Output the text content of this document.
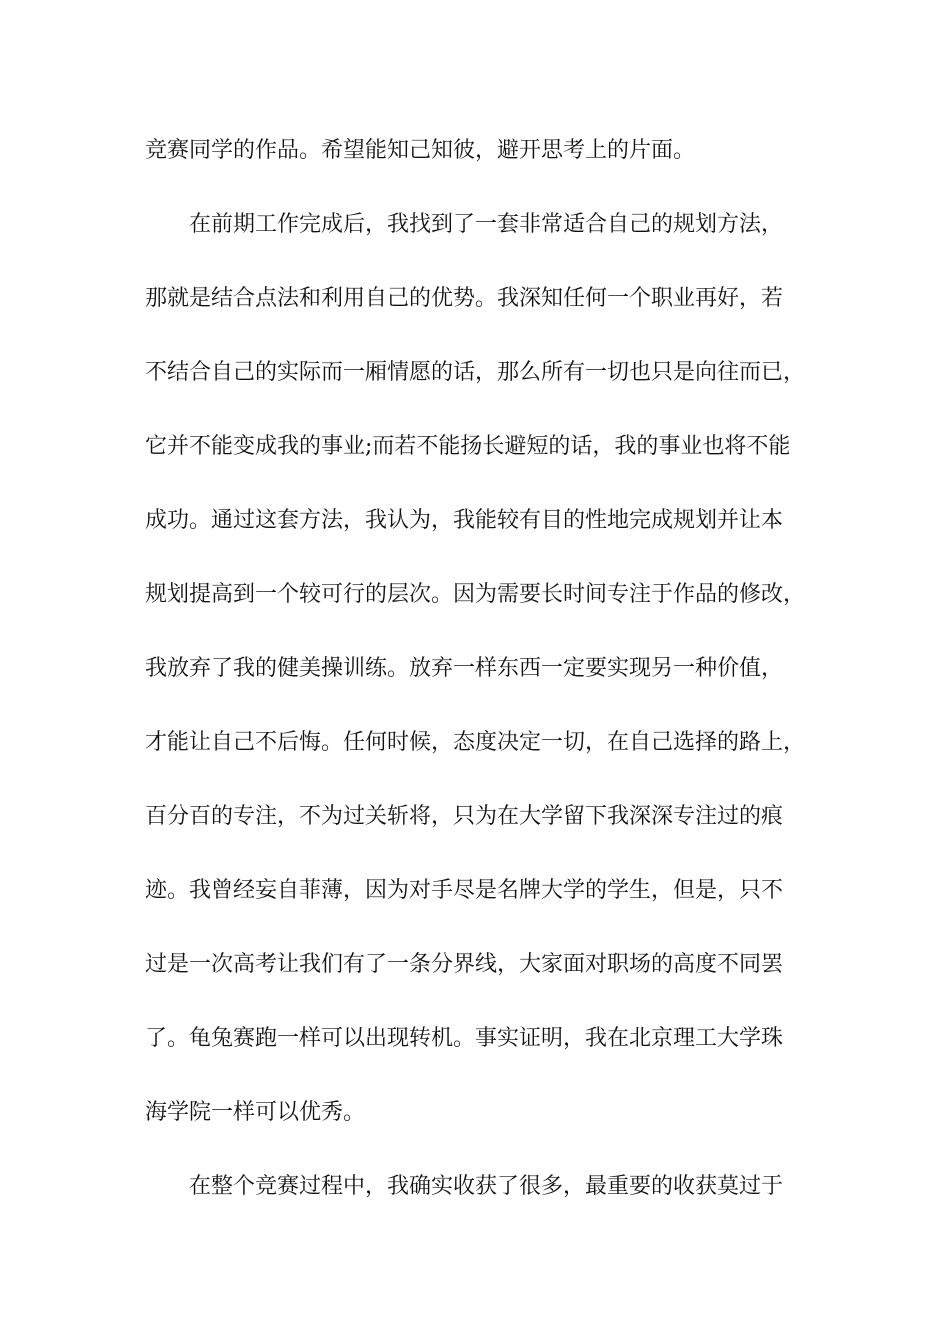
竞赛同学的作品。希望能知己知彼，避开思考上的片面。
在前期工作完成后，我找到了一套非常适合自己的规划方法，
那就是结合点法和利用自己的优势。我深知任何一个职业再好，若
不结合自己的实际而一厢情愿的话，那么所有一切也只是向往而已，
它并不能变成我的事业;而若不能扬长避短的话，我的事业也将不能
成功。通过这套方法，我认为，我能较有目的性地完成规划并让本
规划提高到一个较可行的层次。因为需要长时间专注于作品的修改，
我放弃了我的健美操训练。放弃一样东西一定要实现另一种价值，
才能让自己不后悔。任何时候，态度决定一切，在自己选择的路上，
百分百的专注，不为过关斩将，只为在大学留下我深深专注过的痕
迹。我曾经妄自菲薄，因为对手尽是名牌大学的学生，但是，只不
过是一次高考让我们有了一条分界线，大家面对职场的高度不同罢
了。龟兔赛跑一样可以出现转机。事实证明，我在北京理工大学珠
海学院一样可以优秀。
在整个竞赛过程中，我确实收获了很多，最重要的收获莫过于
